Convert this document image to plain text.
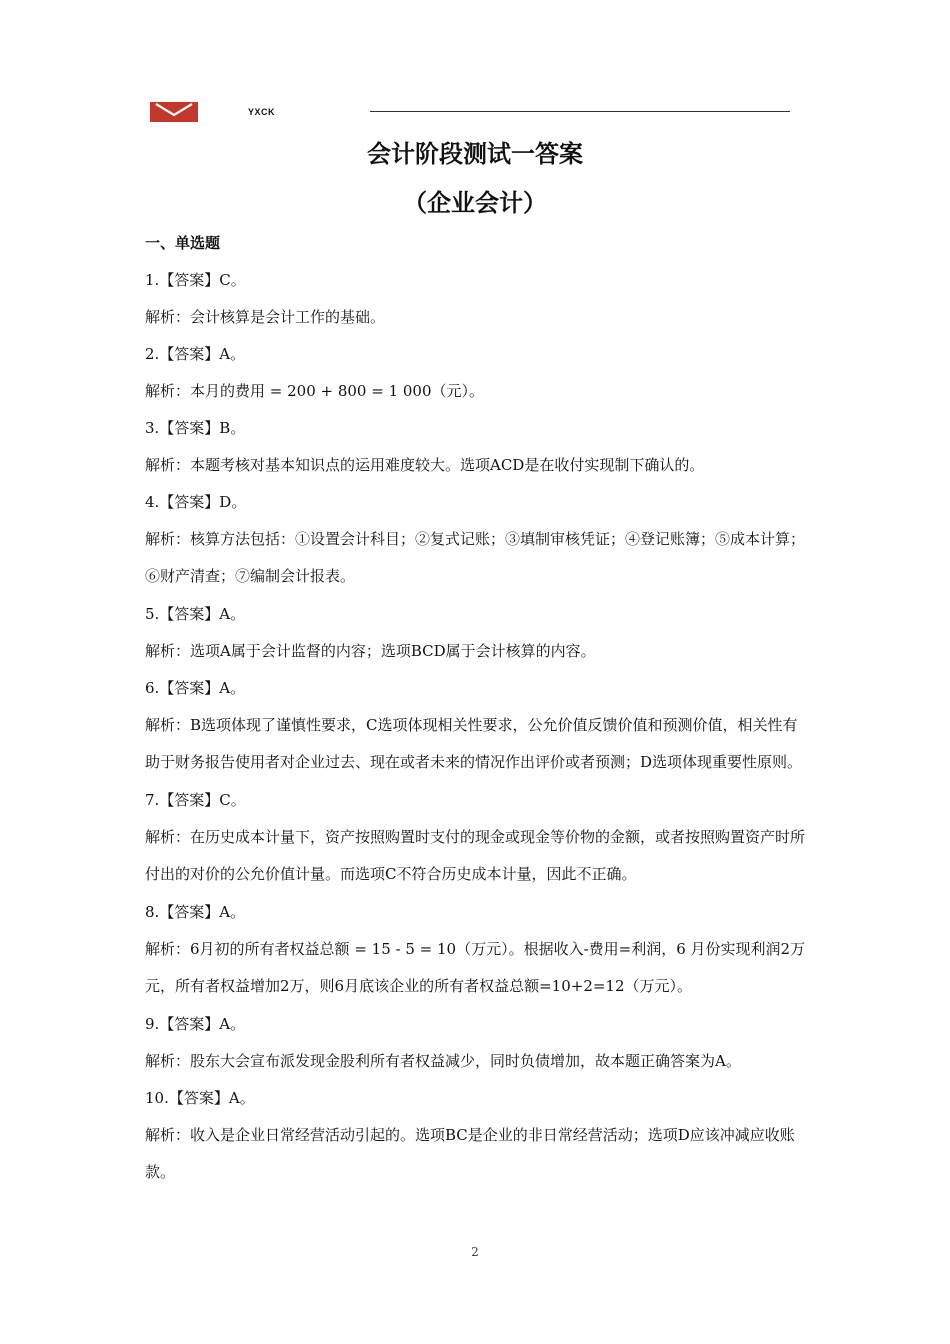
YXCK
会计阶段测试一答案
（企业会计）
一、单选题

1.【答案】C。

解析：会计核算是会计工作的基础。

2.【答案】A。

解析：本月的费用 = 200 + 800 = 1 000（元）。

3.【答案】B。

解析：本题考核对基本知识点的运用难度较大。选项ACD是在收付实现制下确认的。

4.【答案】D。

解析：核算方法包括：①设置会计科目；②复式记账；③填制审核凭证；④登记账簿；⑤成本计算；⑥财产清查；⑦编制会计报表。

5.【答案】A。

解析：选项A属于会计监督的内容；选项BCD属于会计核算的内容。

6.【答案】A。

解析：B选项体现了谨慎性要求，C选项体现相关性要求，公允价值反馈价值和预测价值，相关性有助于财务报告使用者对企业过去、现在或者未来的情况作出评价或者预测；D选项体现重要性原则。

7.【答案】C。

解析：在历史成本计量下，资产按照购置时支付的现金或现金等价物的金额，或者按照购置资产时所付出的对价的公允价值计量。而选项C不符合历史成本计量，因此不正确。

8.【答案】A。

解析：6月初的所有者权益总额 = 15 - 5 = 10（万元）。根据收入-费用=利润，6 月份实现利润2万元，所有者权益增加2万，则6月底该企业的所有者权益总额=10+2=12（万元）。

9.【答案】A。

解析：股东大会宣布派发现金股利所有者权益减少，同时负债增加，故本题正确答案为A。

10.【答案】A。

解析：收入是企业日常经营活动引起的。选项BC是企业的非日常经营活动；选项D应该冲减应收账款。

2
